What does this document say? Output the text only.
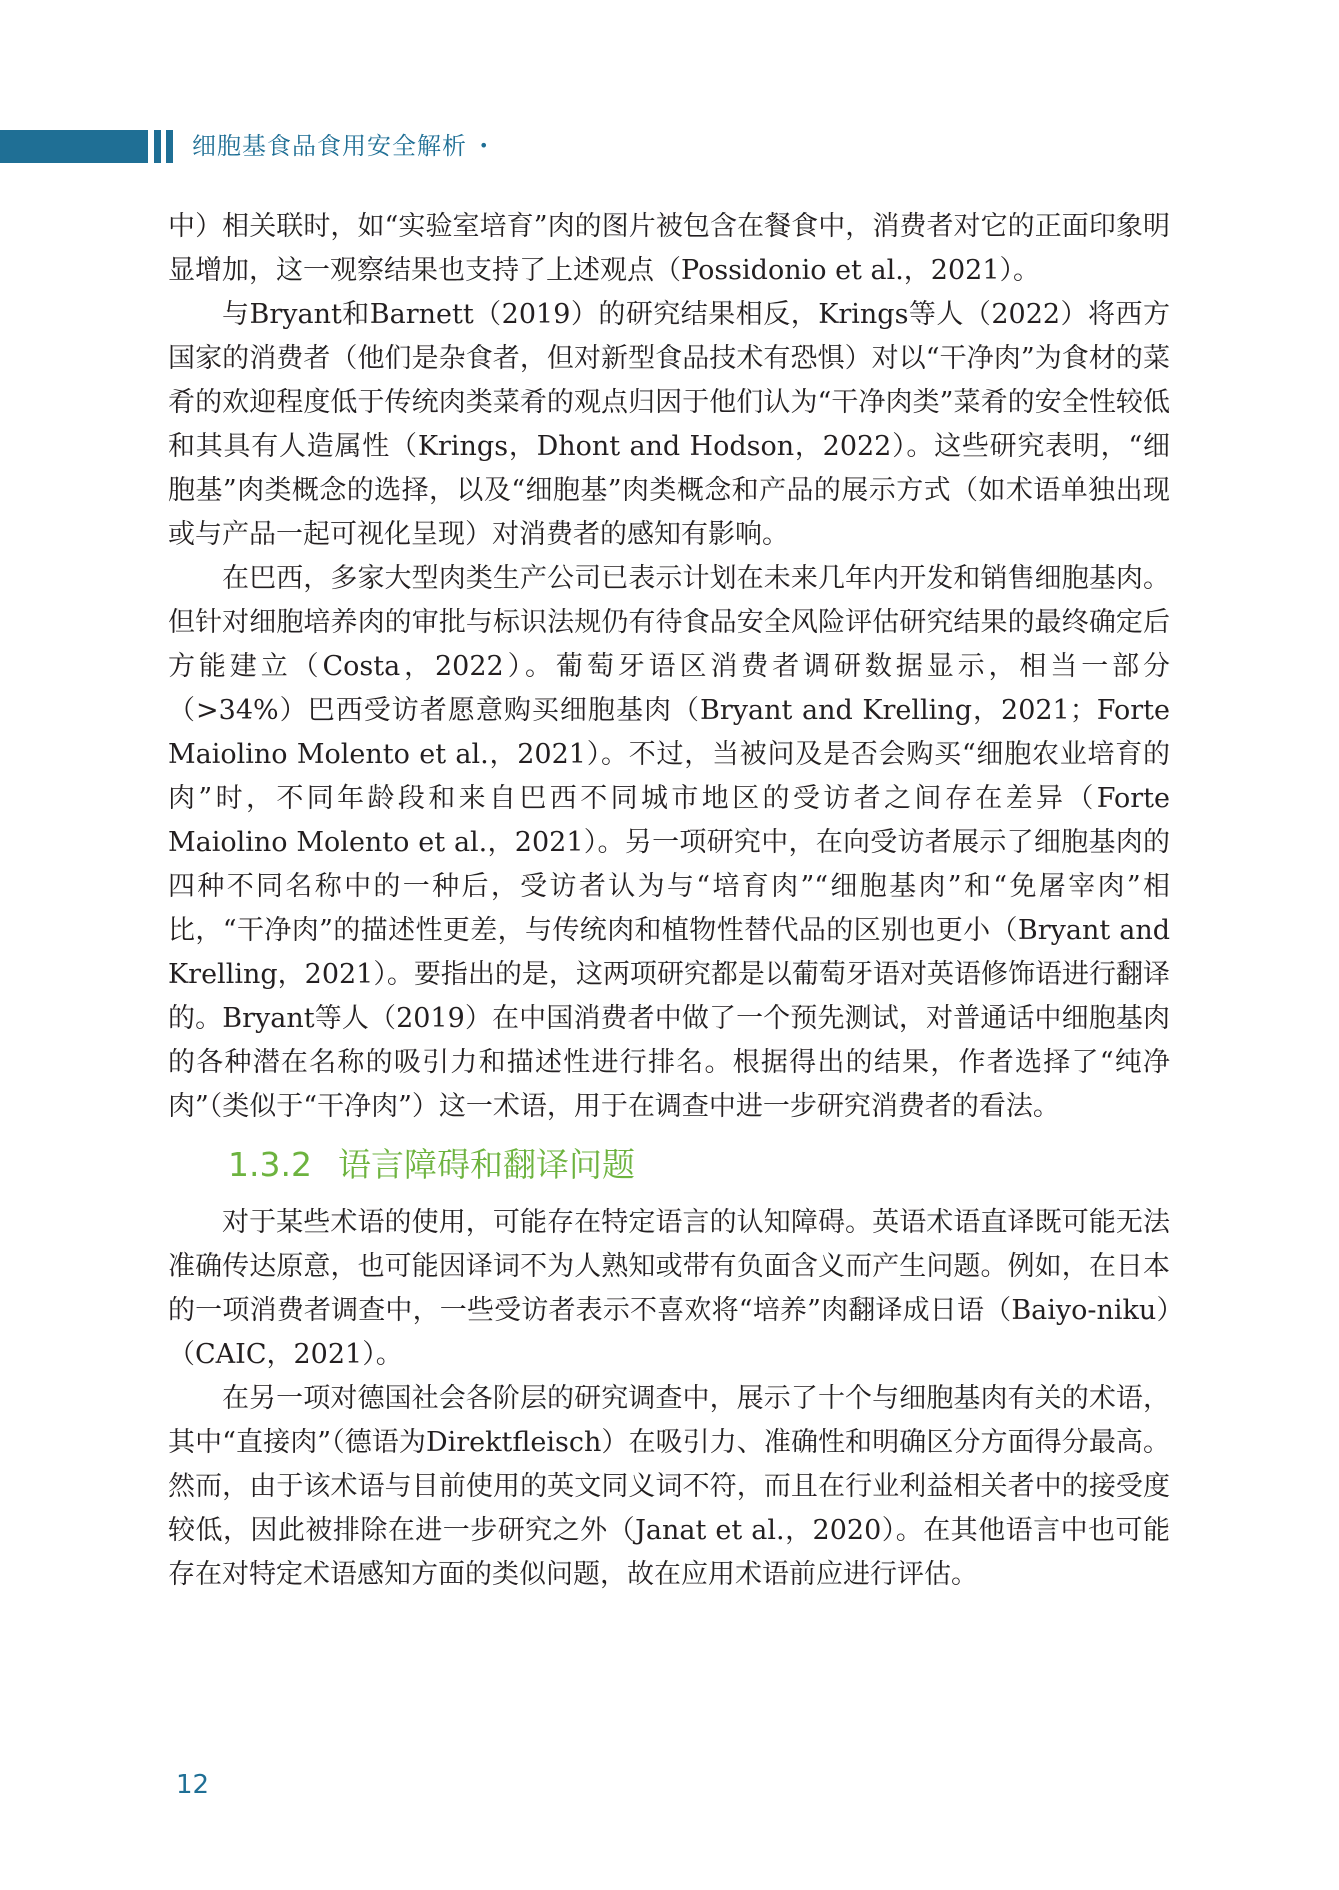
细胞基食品食用安全解析 •

中）相关联时，如“实验室培育”肉的图片被包含在餐食中，消费者对它的正面印象明显增加，这一观察结果也支持了上述观点（Possidonio et al.，2021）。

与Bryant和Barnett（2019）的研究结果相反，Krings等人（2022）将西方国家的消费者（他们是杂食者，但对新型食品技术有恐惧）对以“干净肉”为食材的菜肴的欢迎程度低于传统肉类菜肴的观点归因于他们认为“干净肉类”菜肴的安全性较低和其具有人造属性（Krings，Dhont and Hodson，2022）。这些研究表明，“细胞基”肉类概念的选择，以及“细胞基”肉类概念和产品的展示方式（如术语单独出现或与产品一起可视化呈现）对消费者的感知有影响。

在巴西，多家大型肉类生产公司已表示计划在未来几年内开发和销售细胞基肉。但针对细胞培养肉的审批与标识法规仍有待食品安全风险评估研究结果的最终确定后方能建立（Costa，2022）。葡萄牙语区消费者调研数据显示，相当一部分（>34%）巴西受访者愿意购买细胞基肉（Bryant and Krelling，2021；Forte Maiolino Molento et al.，2021）。不过，当被问及是否会购买“细胞农业培育的肉”时，不同年龄段和来自巴西不同城市地区的受访者之间存在差异（Forte Maiolino Molento et al.，2021）。另一项研究中，在向受访者展示了细胞基肉的四种不同名称中的一种后，受访者认为与“培育肉”“细胞基肉”和“免屠宰肉”相比，“干净肉”的描述性更差，与传统肉和植物性替代品的区别也更小（Bryant and Krelling，2021）。要指出的是，这两项研究都是以葡萄牙语对英语修饰语进行翻译的。Bryant等人（2019）在中国消费者中做了一个预先测试，对普通话中细胞基肉的各种潜在名称的吸引力和描述性进行排名。根据得出的结果，作者选择了“纯净肉”（类似于“干净肉”）这一术语，用于在调查中进一步研究消费者的看法。

1.3.2 语言障碍和翻译问题

对于某些术语的使用，可能存在特定语言的认知障碍。英语术语直译既可能无法准确传达原意，也可能因译词不为人熟知或带有负面含义而产生问题。例如，在日本的一项消费者调查中，一些受访者表示不喜欢将“培养”肉翻译成日语（Baiyo-niku）（CAIC，2021）。

在另一项对德国社会各阶层的研究调查中，展示了十个与细胞基肉有关的术语，其中“直接肉”（德语为Direktfleisch）在吸引力、准确性和明确区分方面得分最高。然而，由于该术语与目前使用的英文同义词不符，而且在行业利益相关者中的接受度较低，因此被排除在进一步研究之外（Janat et al.，2020）。在其他语言中也可能存在对特定术语感知方面的类似问题，故在应用术语前应进行评估。

12
